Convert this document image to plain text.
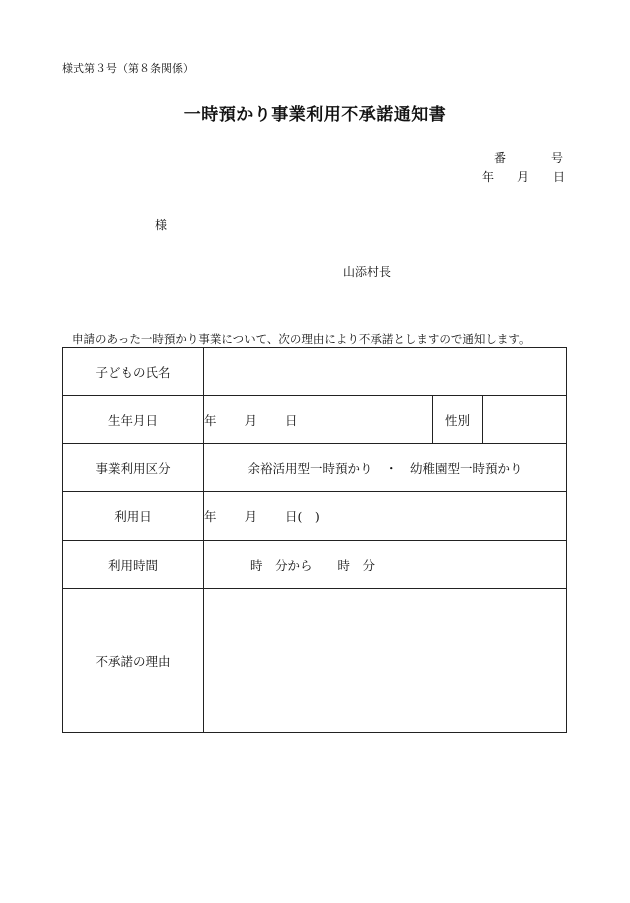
様式第３号（第８条関係）
一時預かり事業利用不承諾通知書
番	号
年 月 日
様
山添村長
申請のあった一時預かり事業について、次の理由により不承諾としますので通知します。
子どもの氏名			
生年月日	年 月 日	性別	
事業利用区分	余裕活用型一時預かり　・　幼稚園型一時預かり		
利用日	年 月 日(　)		
利用時間	時　分から　　時　分		
不承諾の理由			
